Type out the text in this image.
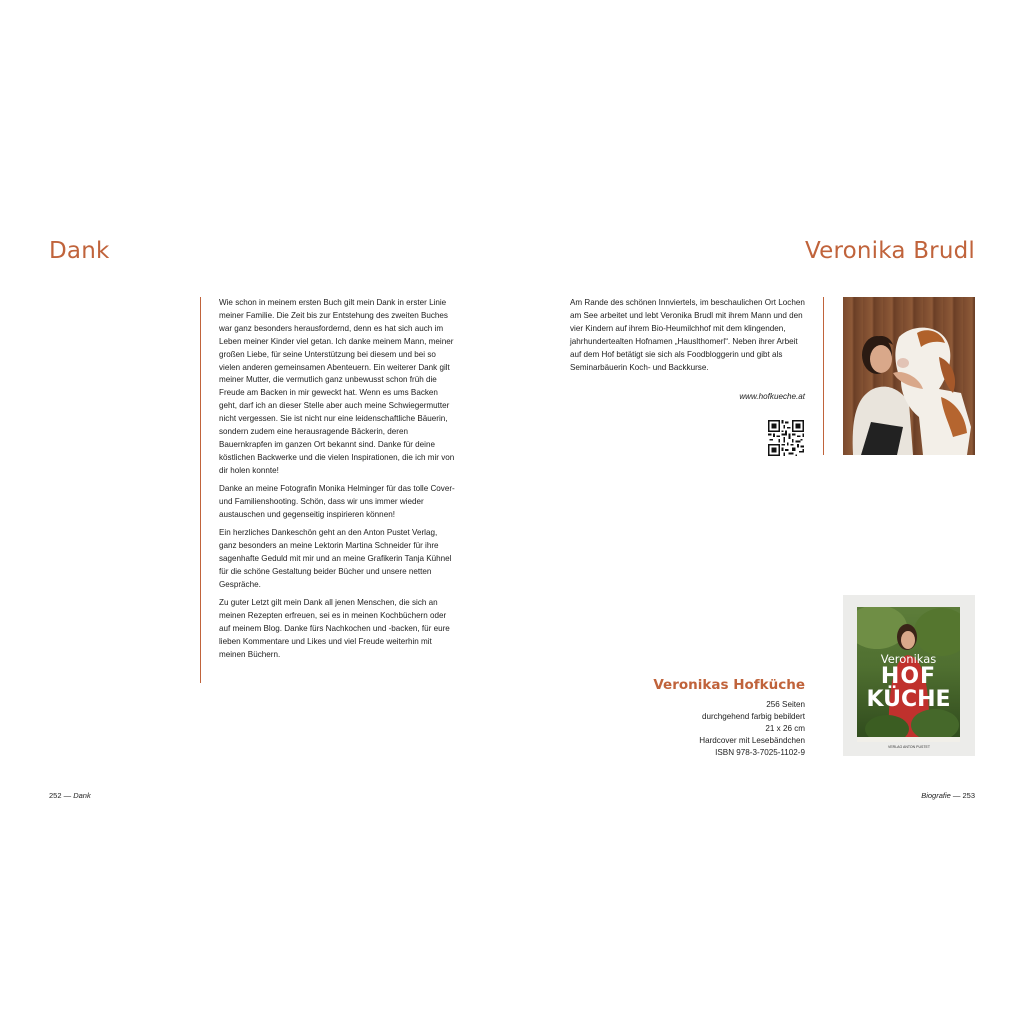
Dank

Wie schon in meinem ersten Buch gilt mein Dank in erster Linie meiner Familie. Die Zeit bis zur Entstehung des zweiten Buches war ganz besonders herausfordernd, denn es hat sich auch im Leben meiner Kinder viel getan. Ich danke meinem Mann, meiner großen Liebe, für seine Unterstützung bei diesem und bei so vielen anderen gemeinsamen Abenteuern. Ein weiterer Dank gilt meiner Mutter, die vermutlich ganz unbewusst schon früh die Freude am Backen in mir geweckt hat. Wenn es ums Backen geht, darf ich an dieser Stelle aber auch meine Schwiegermutter nicht vergessen. Sie ist nicht nur eine leidenschaftliche Bäuerin, sondern zudem eine herausragende Bäckerin, deren Bauernkrapfen im ganzen Ort bekannt sind. Danke für deine köstlichen Backwerke und die vielen Inspirationen, die ich mir von dir holen konnte!

Danke an meine Fotografin Monika Helminger für das tolle Cover- und Familienshooting. Schön, dass wir uns immer wieder austauschen und gegenseitig inspirieren können!

Ein herzliches Dankeschön geht an den Anton Pustet Verlag, ganz besonders an meine Lektorin Martina Schneider für ihre sagenhafte Geduld mit mir und an meine Grafikerin Tanja Kühnel für die schöne Gestaltung beider Bücher und unsere netten Gespräche.

Zu guter Letzt gilt mein Dank all jenen Menschen, die sich an meinen Rezepten erfreuen, sei es in meinen Kochbüchern oder auf meinem Blog. Danke fürs Nachkochen und -backen, für eure lieben Kommentare und Likes und viel Freude weiterhin mit meinen Büchern.

252 — Dank
Veronika Brudl

Am Rande des schönen Innviertels, im beschaulichen Ort Lochen am See arbeitet und lebt Veronika Brudl mit ihrem Mann und den vier Kindern auf ihrem Bio-Heumilchhof mit dem klingenden, jahrhundertealten Hofnamen „Hauslthomerl“. Neben ihrer Arbeit auf dem Hof betätigt sie sich als Foodbloggerin und gibt als Seminarbäuerin Koch- und Backkurse.

www.hofkueche.at
Veronikas Hofküche
256 Seiten
durchgehend farbig bebildert
21 x 26 cm
Hardcover mit Lesebändchen
ISBN 978-3-7025-1102-9
Veronikas
HOF
KÜCHE
VERLAG ANTON PUSTET
Biografie — 253
